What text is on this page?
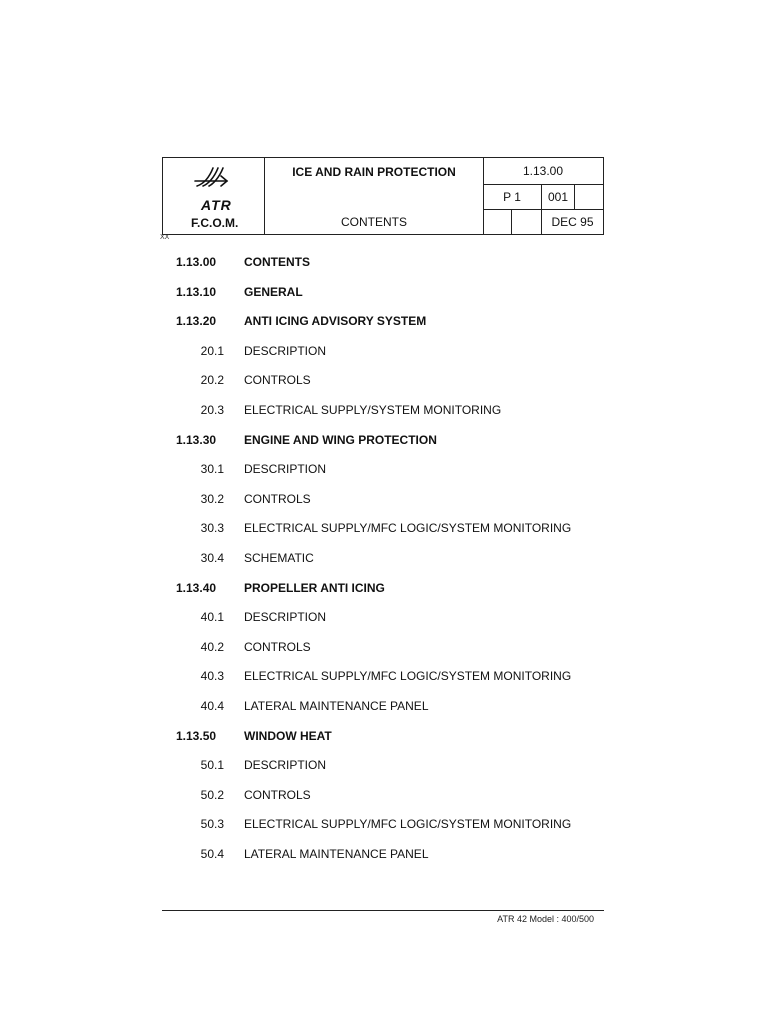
ATR
F.C.O.M.
ICE AND RAIN PROTECTION
CONTENTS
1.13.00
P 1	001
DEC 95
XX
1.13.00	CONTENTS
1.13.10	GENERAL
1.13.20	ANTI ICING ADVISORY SYSTEM
20.1 DESCRIPTION
20.2 CONTROLS
20.3 ELECTRICAL SUPPLY/SYSTEM MONITORING
1.13.30	ENGINE AND WING PROTECTION
30.1 DESCRIPTION
30.2 CONTROLS
30.3 ELECTRICAL SUPPLY/MFC LOGIC/SYSTEM MONITORING
30.4 SCHEMATIC
1.13.40	PROPELLER ANTI ICING
40.1 DESCRIPTION
40.2 CONTROLS
40.3 ELECTRICAL SUPPLY/MFC LOGIC/SYSTEM MONITORING
40.4 LATERAL MAINTENANCE PANEL
1.13.50	WINDOW HEAT
50.1 DESCRIPTION
50.2 CONTROLS
50.3 ELECTRICAL SUPPLY/MFC LOGIC/SYSTEM MONITORING
50.4 LATERAL MAINTENANCE PANEL
ATR 42 Model : 400/500
